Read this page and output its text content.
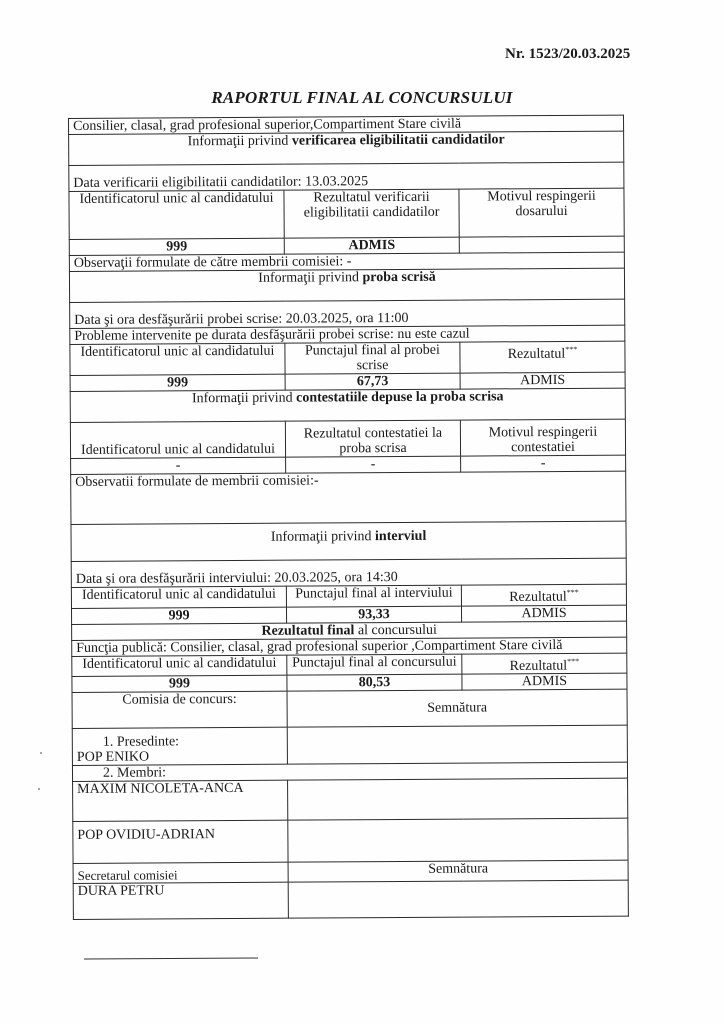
Nr. 1523/20.03.2025
RAPORTUL FINAL AL CONCURSULUI
Consilier, clasal, grad profesional superior,Compartiment Stare civilă		
Informaţii privind verificarea eligibilitatii candidatilor		
Data verificarii eligibilitatii candidatilor: 13.03.2025		
Identificatorul unic al candidatului	Rezultatul verificarii eligibilitatii candidatilor	Motivul respingerii dosarului
999	ADMIS	
Observaţii formulate de către membrii comisiei: -		
Informaţii privind proba scrisă		
Data şi ora desfăşurării probei scrise: 20.03.2025, ora 11:00		
Probleme intervenite pe durata desfăşurării probei scrise: nu este cazul		
Identificatorul unic al candidatului	Punctajul final al probei scrise	Rezultatul***
999	67,73	ADMIS
Informaţii privind contestatiile depuse la proba scrisa		
Identificatorul unic al candidatului	Rezultatul contestatiei la proba scrisa	Motivul respingerii contestatiei
-	-	-
Observatii formulate de membrii comisiei:-		
Informaţii privind interviul		
Data şi ora desfăşurării interviului: 20.03.2025, ora 14:30		
Identificatorul unic al candidatului	Punctajul final al interviului	Rezultatul***
999	93,33	ADMIS
Rezultatul final al concursului		
Funcţia publică: Consilier, clasal, grad profesional superior ,Compartiment Stare civilă		
Identificatorul unic al candidatului	Punctajul final al concursului	Rezultatul***
999	80,53	ADMIS
Comisia de concurs:	Semnătura	

1. Presedinte:
POP ENIKO		

2. Membri:		
MAXIM NICOLETA-ANCA		
POP OVIDIU-ADRIAN		
Secretarul comisiei	Semnătura	
DURA PETRU		
